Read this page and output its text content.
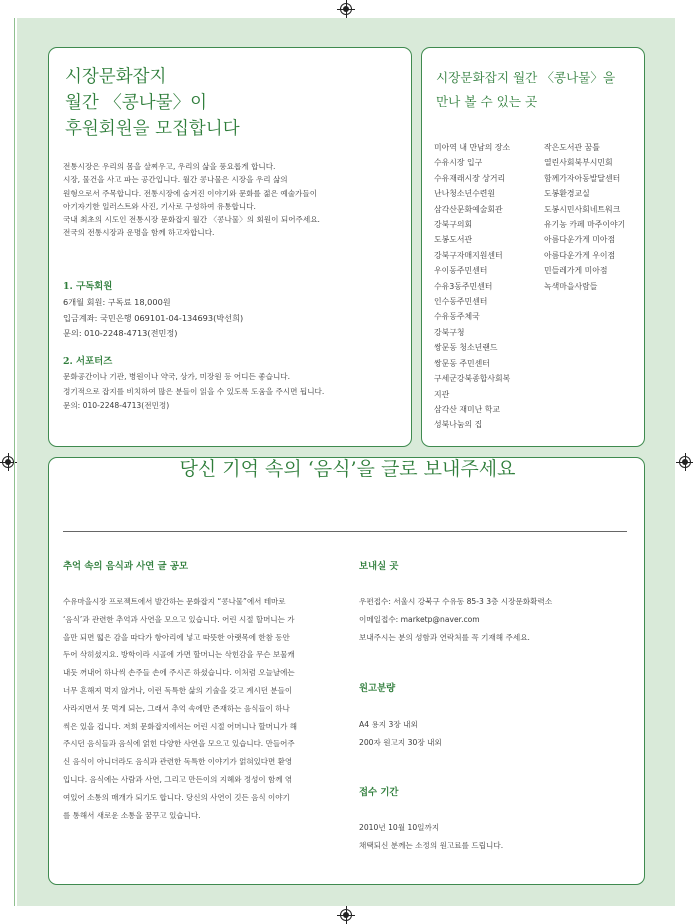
시장문화잡지
월간 〈콩나물〉이
후원회원을 모집합니다
전통시장은 우리의 몸을 살찌우고, 우리의 삶을 풍요롭게 합니다.
시장, 물건을 사고 파는 공간입니다. 월간 콩나물은 시장을 우리 삶의
원형으로서 주목합니다. 전통시장에 숨겨진 이야기와 문화를 젊은 예술가들이
아기자기한 일러스트와 사진, 기사로 구성하여 유통합니다.
국내 최초의 시도인 전통시장 문화잡지 월간 〈콩나물〉의 회원이 되어주세요.
전국의 전통시장과 운명을 함께 하고자합니다.
1. 구독회원
6개월 회원: 구독료 18,000원
입금계좌: 국민은행 069101-04-134693(박선희)
문의: 010-2248-4713(전민정)
2. 서포터즈
문화공간이나 기관, 병원이나 약국, 상가, 미장원 등 어디든 좋습니다.
정기적으로 잡지를 비치하여 많은 분들이 읽을 수 있도록 도움을 주시면 됩니다.
문의: 010-2248-4713(전민정)
시장문화잡지 월간 〈콩나물〉을
만나 볼 수 있는 곳
미아역 내 만남의 장소
수유시장 입구
수유재래시장 상거리
난나청소년수련원
삼각산문화예술회관
강북구의회
도봉도서관
강북구자매지원센터
우이동주민센터
수유3동주민센터
인수동주민센터
수유동주체국
강북구청
쌍문동 청소년랜드
쌍문동 주민센터
구세군강북종합사회복
지관
삼각산 재미난 학교
성북나눔의 집
작은도서관 꿈틀
열린사회북부시민회
함께가자아동발달센터
도봉환경교실
도봉시민사회네트워크
유기농 카페 마주이야기
아름다운가게 미아점
아름다운가게 우이점
민들레가게 미아점
녹색마을사람들
당신 기억 속의 ‘음식’을 글로 보내주세요
추억 속의 음식과 사연 글 공모
수유마을시장 프로젝트에서 발간하는 문화잡지 “콩나물”에서 테마로
‘음식’과 관련한 추억과 사연을 모으고 있습니다. 어린 시절 할머니는 가
을만 되면 떫은 감을 따다가 항아리에 넣고 따뜻한 아랫목에 한참 동안
두어 삭히셨지요. 방학이라 시골에 가면 할머니는 삭힌감을 무슨 보물캐
내듯 꺼내어 하나씩 손주들 손에 주시곤 하셨습니다. 이처럼 오늘날에는
너무 흔해져 먹지 않거나, 이런 독특한 삶의 기술을 갖고 계시던 분들이
사라지면서 못 먹게 되는, 그래서 추억 속에만 존재하는 음식들이 하나
씩은 있을 겁니다. 저희 문화잡지에서는 어린 시절 어머니나 할머니가 해
주시던 음식들과 음식에 얽힌 다양한 사연을 모으고 있습니다. 만들어주
신 음식이 아니더라도 음식과 관련한 독특한 이야기가 얽혀있다면 환영
입니다. 음식에는 사람과 사연, 그리고 만든이의 지혜와 정성이 함께 엮
여있어 소통의 매개가 되기도 합니다. 당신의 사연이 깃든 음식 이야기
를 통해서 새로운 소통을 꿈꾸고 있습니다.
보내실 곳
우편접수: 서울시 강북구 수유동 85-3 3층 시장문화확력소
이메일접수: marketp@naver.com
보내주시는 분의 성함과 연락처를 꼭 기재해 주세요.
원고분량
A4 용지 3장 내외
200자 원고지 30장 내외
접수 기간
2010년 10월 10일까지
채택되신 분께는 소정의 원고료를 드립니다.
